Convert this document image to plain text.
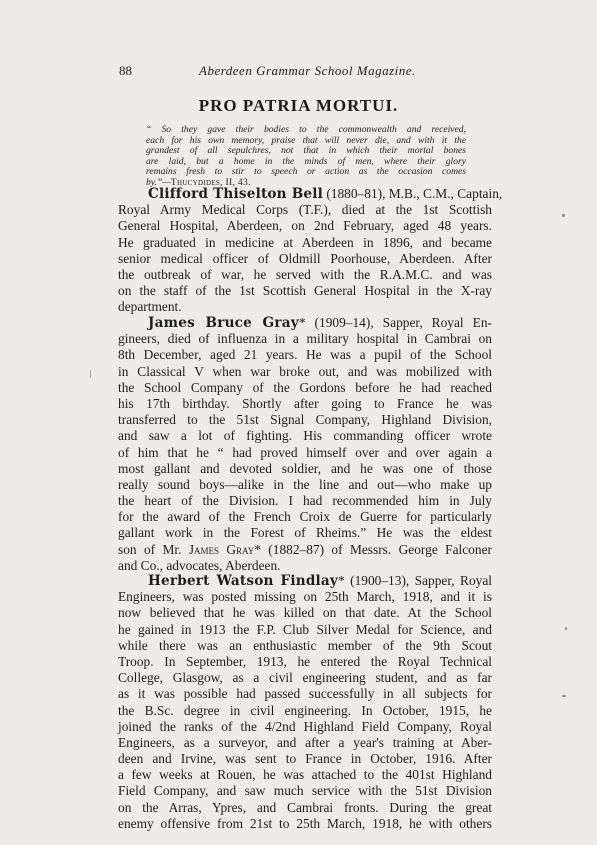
88	Aberdeen Grammar School Magazine.
PRO PATRIA MORTUI.
“ So they gave their bodies to the commonwealth and received,
each for his own memory, praise that will never die, and with it the
grandest of all sepulchres, not that in which their mortal bones
are laid, but a home in the minds of men, where their glory
remains fresh to stir to speech or action as the occasion comes
by.”—Thucydides, II, 43.
Clifford Thiselton Bell (1880–81), M.B., C.M., Captain,
Royal Army Medical Corps (T.F.), died at the 1st Scottish
General Hospital, Aberdeen, on 2nd February, aged 48 years.
He graduated in medicine at Aberdeen in 1896, and became
senior medical officer of Oldmill Poorhouse, Aberdeen. After
the outbreak of war, he served with the R.A.M.C. and was
on the staff of the 1st Scottish General Hospital in the X-ray
department.
James Bruce Gray* (1909–14), Sapper, Royal En-
gineers, died of influenza in a military hospital in Cambrai on
8th December, aged 21 years. He was a pupil of the School
in Classical V when war broke out, and was mobilized with
the School Company of the Gordons before he had reached
his 17th birthday. Shortly after going to France he was
transferred to the 51st Signal Company, Highland Division,
and saw a lot of fighting. His commanding officer wrote
of him that he “ had proved himself over and over again a
most gallant and devoted soldier, and he was one of those
really sound boys—alike in the line and out—who make up
the heart of the Division. I had recommended him in July
for the award of the French Croix de Guerre for particularly
gallant work in the Forest of Rheims.” He was the eldest
son of Mr. James Gray* (1882–87) of Messrs. George Falconer
and Co., advocates, Aberdeen.
Herbert Watson Findlay* (1900–13), Sapper, Royal
Engineers, was posted missing on 25th March, 1918, and it is
now believed that he was killed on that date. At the School
he gained in 1913 the F.P. Club Silver Medal for Science, and
while there was an enthusiastic member of the 9th Scout
Troop. In September, 1913, he entered the Royal Technical
College, Glasgow, as a civil engineering student, and as far
as it was possible had passed successfully in all subjects for
the B.Sc. degree in civil engineering. In October, 1915, he
joined the ranks of the 4/2nd Highland Field Company, Royal
Engineers, as a surveyor, and after a year's training at Aber-
deen and Irvine, was sent to France in October, 1916. After
a few weeks at Rouen, he was attached to the 401st Highland
Field Company, and saw much service with the 51st Division
on the Arras, Ypres, and Cambrai fronts. During the great
enemy offensive from 21st to 25th March, 1918, he with others
